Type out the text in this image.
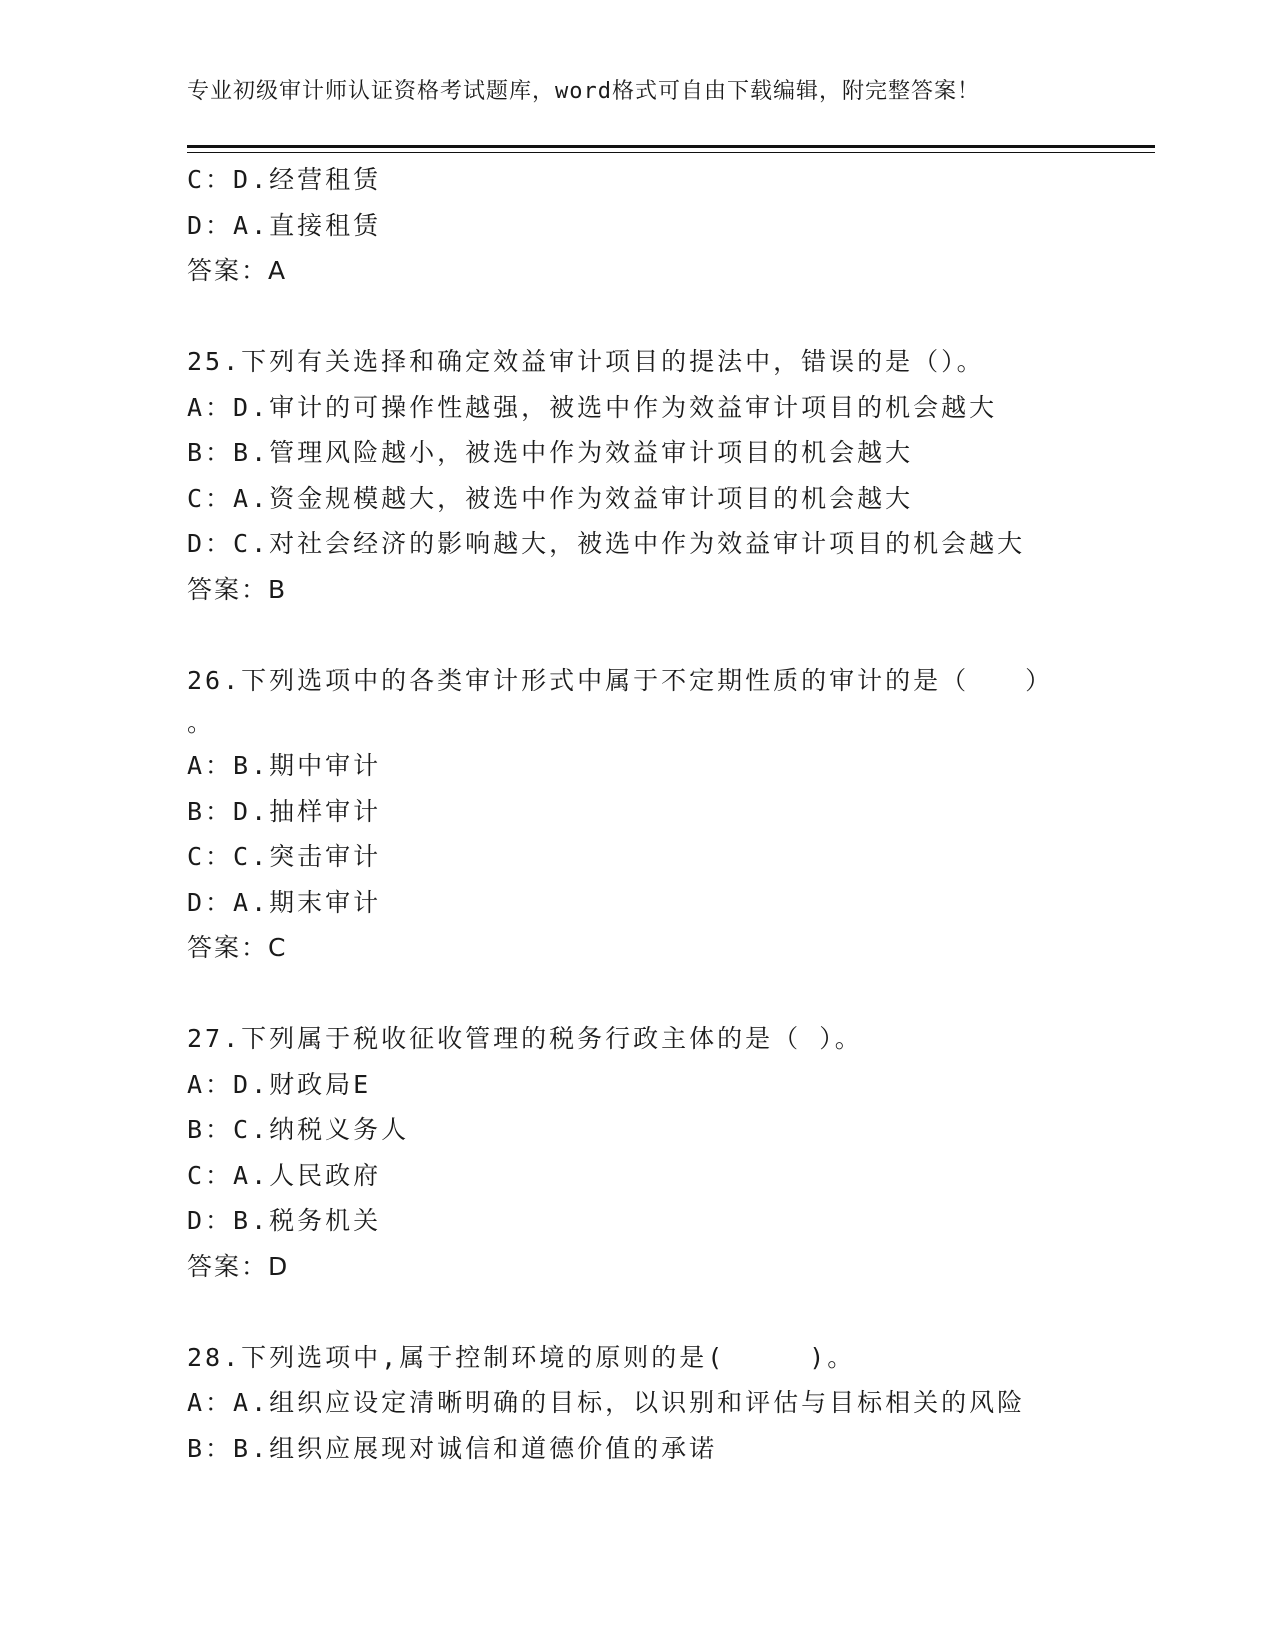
专业初级审计师认证资格考试题库，word格式可自由下载编辑，附完整答案！
C：D.经营租赁
D：A.直接租赁
答案：A
25.下列有关选择和确定效益审计项目的提法中，错误的是（）。
A：D.审计的可操作性越强，被选中作为效益审计项目的机会越大
B：B.管理风险越小，被选中作为效益审计项目的机会越大
C：A.资金规模越大，被选中作为效益审计项目的机会越大
D：C.对社会经济的影响越大，被选中作为效益审计项目的机会越大
答案：B
26.下列选项中的各类审计形式中属于不定期性质的审计的是（　　）
。
A：B.期中审计
B：D.抽样审计
C：C.突击审计
D：A.期末审计
答案：C
27.下列属于税收征收管理的税务行政主体的是（ ）。
A：D.财政局E
B：C.纳税义务人
C：A.人民政府
D：B.税务机关
答案：D
28.下列选项中,属于控制环境的原则的是(　　　)。
A：A.组织应设定清晰明确的目标，以识别和评估与目标相关的风险
B：B.组织应展现对诚信和道德价值的承诺
